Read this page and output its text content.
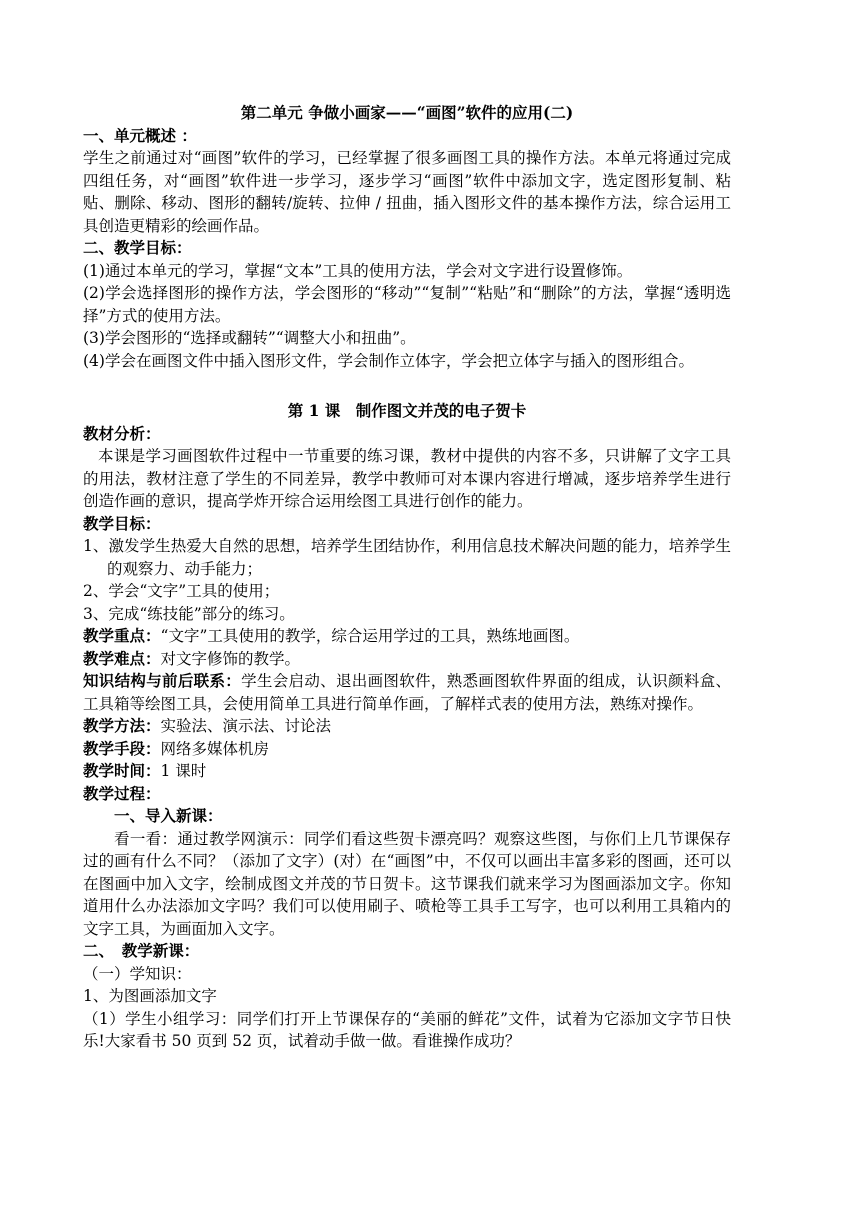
第二单元 争做小画家——“画图”软件的应用(二)

一、单元概述 ：

学生之前通过对“画图”软件的学习，已经掌握了很多画图工具的操作方法。本单元将通过完成四组任务，对“画图”软件进一步学习，逐步学习“画图”软件中添加文字，选定图形复制、粘贴、删除、移动、图形的翻转/旋转、拉伸 / 扭曲，插入图形文件的基本操作方法，综合运用工具创造更精彩的绘画作品。

二、教学目标：

(1)通过本单元的学习，掌握“文本”工具的使用方法，学会对文字进行设置修饰。

(2)学会选择图形的操作方法，学会图形的“移动”“复制”“粘贴”和“删除”的方法，掌握“透明选择”方式的使用方法。

(3)学会图形的“选择或翻转”“调整大小和扭曲”。

(4)学会在画图文件中插入图形文件，学会制作立体字，学会把立体字与插入的图形组合。

第 1 课　制作图文并茂的电子贺卡

教材分析：

本课是学习画图软件过程中一节重要的练习课，教材中提供的内容不多，只讲解了文字工具的用法，教材注意了学生的不同差异，教学中教师可对本课内容进行增减，逐步培养学生进行创造作画的意识，提高学炸开综合运用绘图工具进行创作的能力。

教学目标：

1、激发学生热爱大自然的思想，培养学生团结协作，利用信息技术解决问题的能力，培养学生的观察力、动手能力；

2、学会“文字”工具的使用；

3、完成“练技能”部分的练习。

教学重点：“文字”工具使用的教学，综合运用学过的工具，熟练地画图。

教学难点：对文字修饰的教学。

知识结构与前后联系：学生会启动、退出画图软件，熟悉画图软件界面的组成，认识颜料盒、工具箱等绘图工具，会使用简单工具进行简单作画，了解样式表的使用方法，熟练对操作。

教学方法：实验法、演示法、讨论法

教学手段：网络多媒体机房

教学时间：1 课时

教学过程：

一、导入新课：

看一看：通过教学网演示：同学们看这些贺卡漂亮吗？观察这些图，与你们上几节课保存过的画有什么不同？（添加了文字）(对）在“画图”中，不仅可以画出丰富多彩的图画，还可以在图画中加入文字，绘制成图文并茂的节日贺卡。这节课我们就来学习为图画添加文字。你知道用什么办法添加文字吗？我们可以使用刷子、喷枪等工具手工写字，也可以利用工具箱内的文字工具，为画面加入文字。

二、　教学新课：

（一）学知识：

1、为图画添加文字

（1）学生小组学习：同学们打开上节课保存的“美丽的鲜花”文件，试着为它添加文字节日快乐!大家看书 50 页到 52 页，试着动手做一做。看谁操作成功？
